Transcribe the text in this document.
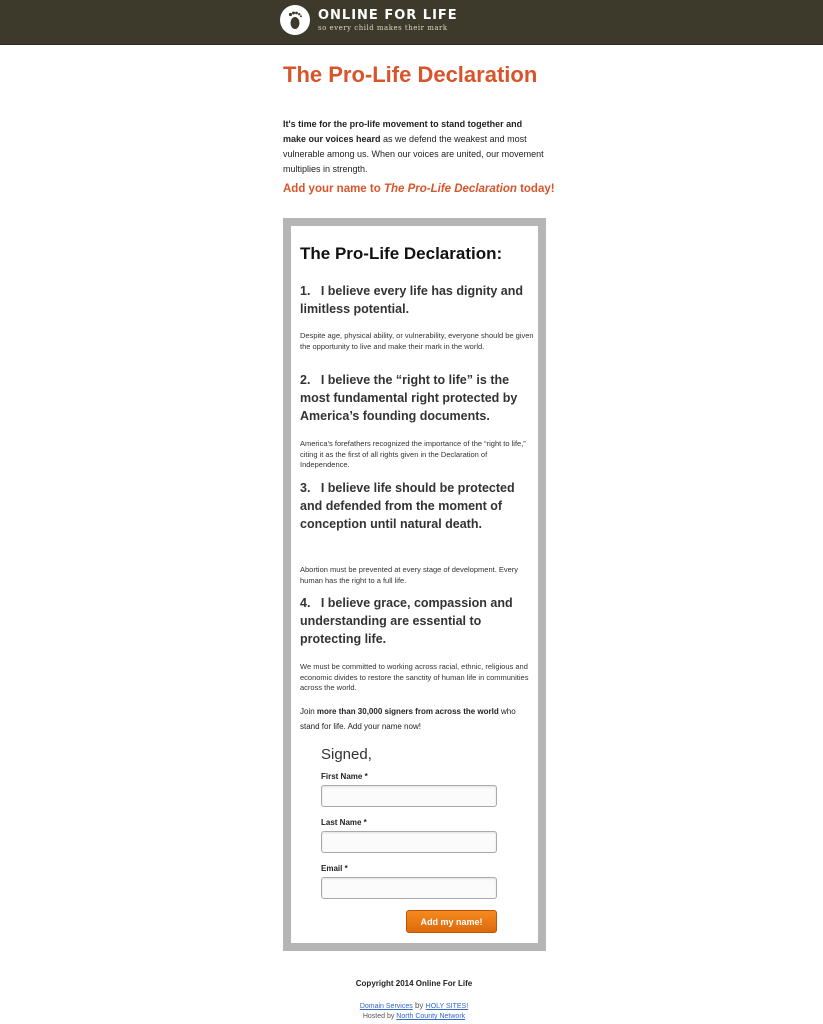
ONLINE FOR LIFE
so every child makes their mark
The Pro-Life Declaration

It's time for the pro-life movement to stand together and make our voices heard as we defend the weakest and most vulnerable among us. When our voices are united, our movement multiplies in strength.

Add your name to The Pro-Life Declaration today!

The Pro-Life Declaration:

1.   I believe every life has dignity and limitless potential.

Despite age, physical ability, or vulnerability, everyone should be given the opportunity to live and make their mark in the world.

2.   I believe the “right to life” is the most fundamental right protected by America’s founding documents.

America’s forefathers recognized the importance of the “right to life,” citing it as the first of all rights given in the Declaration of Independence.

3.   I believe life should be protected and defended from the moment of conception until natural death.

Abortion must be prevented at every stage of development. Every human has the right to a full life.

4.   I believe grace, compassion and understanding are essential to protecting life.

We must be committed to working across racial, ethnic, religious and economic divides to restore the sanctity of human life in communities across the world.

Join more than 30,000 signers from across the world who stand for life. Add your name now!

Signed,

First Name *
Last Name *
Email *
Add my name!
Copyright 2014 Online For Life
Domain Services by HOLY SITES!
Hosted by North County Network
